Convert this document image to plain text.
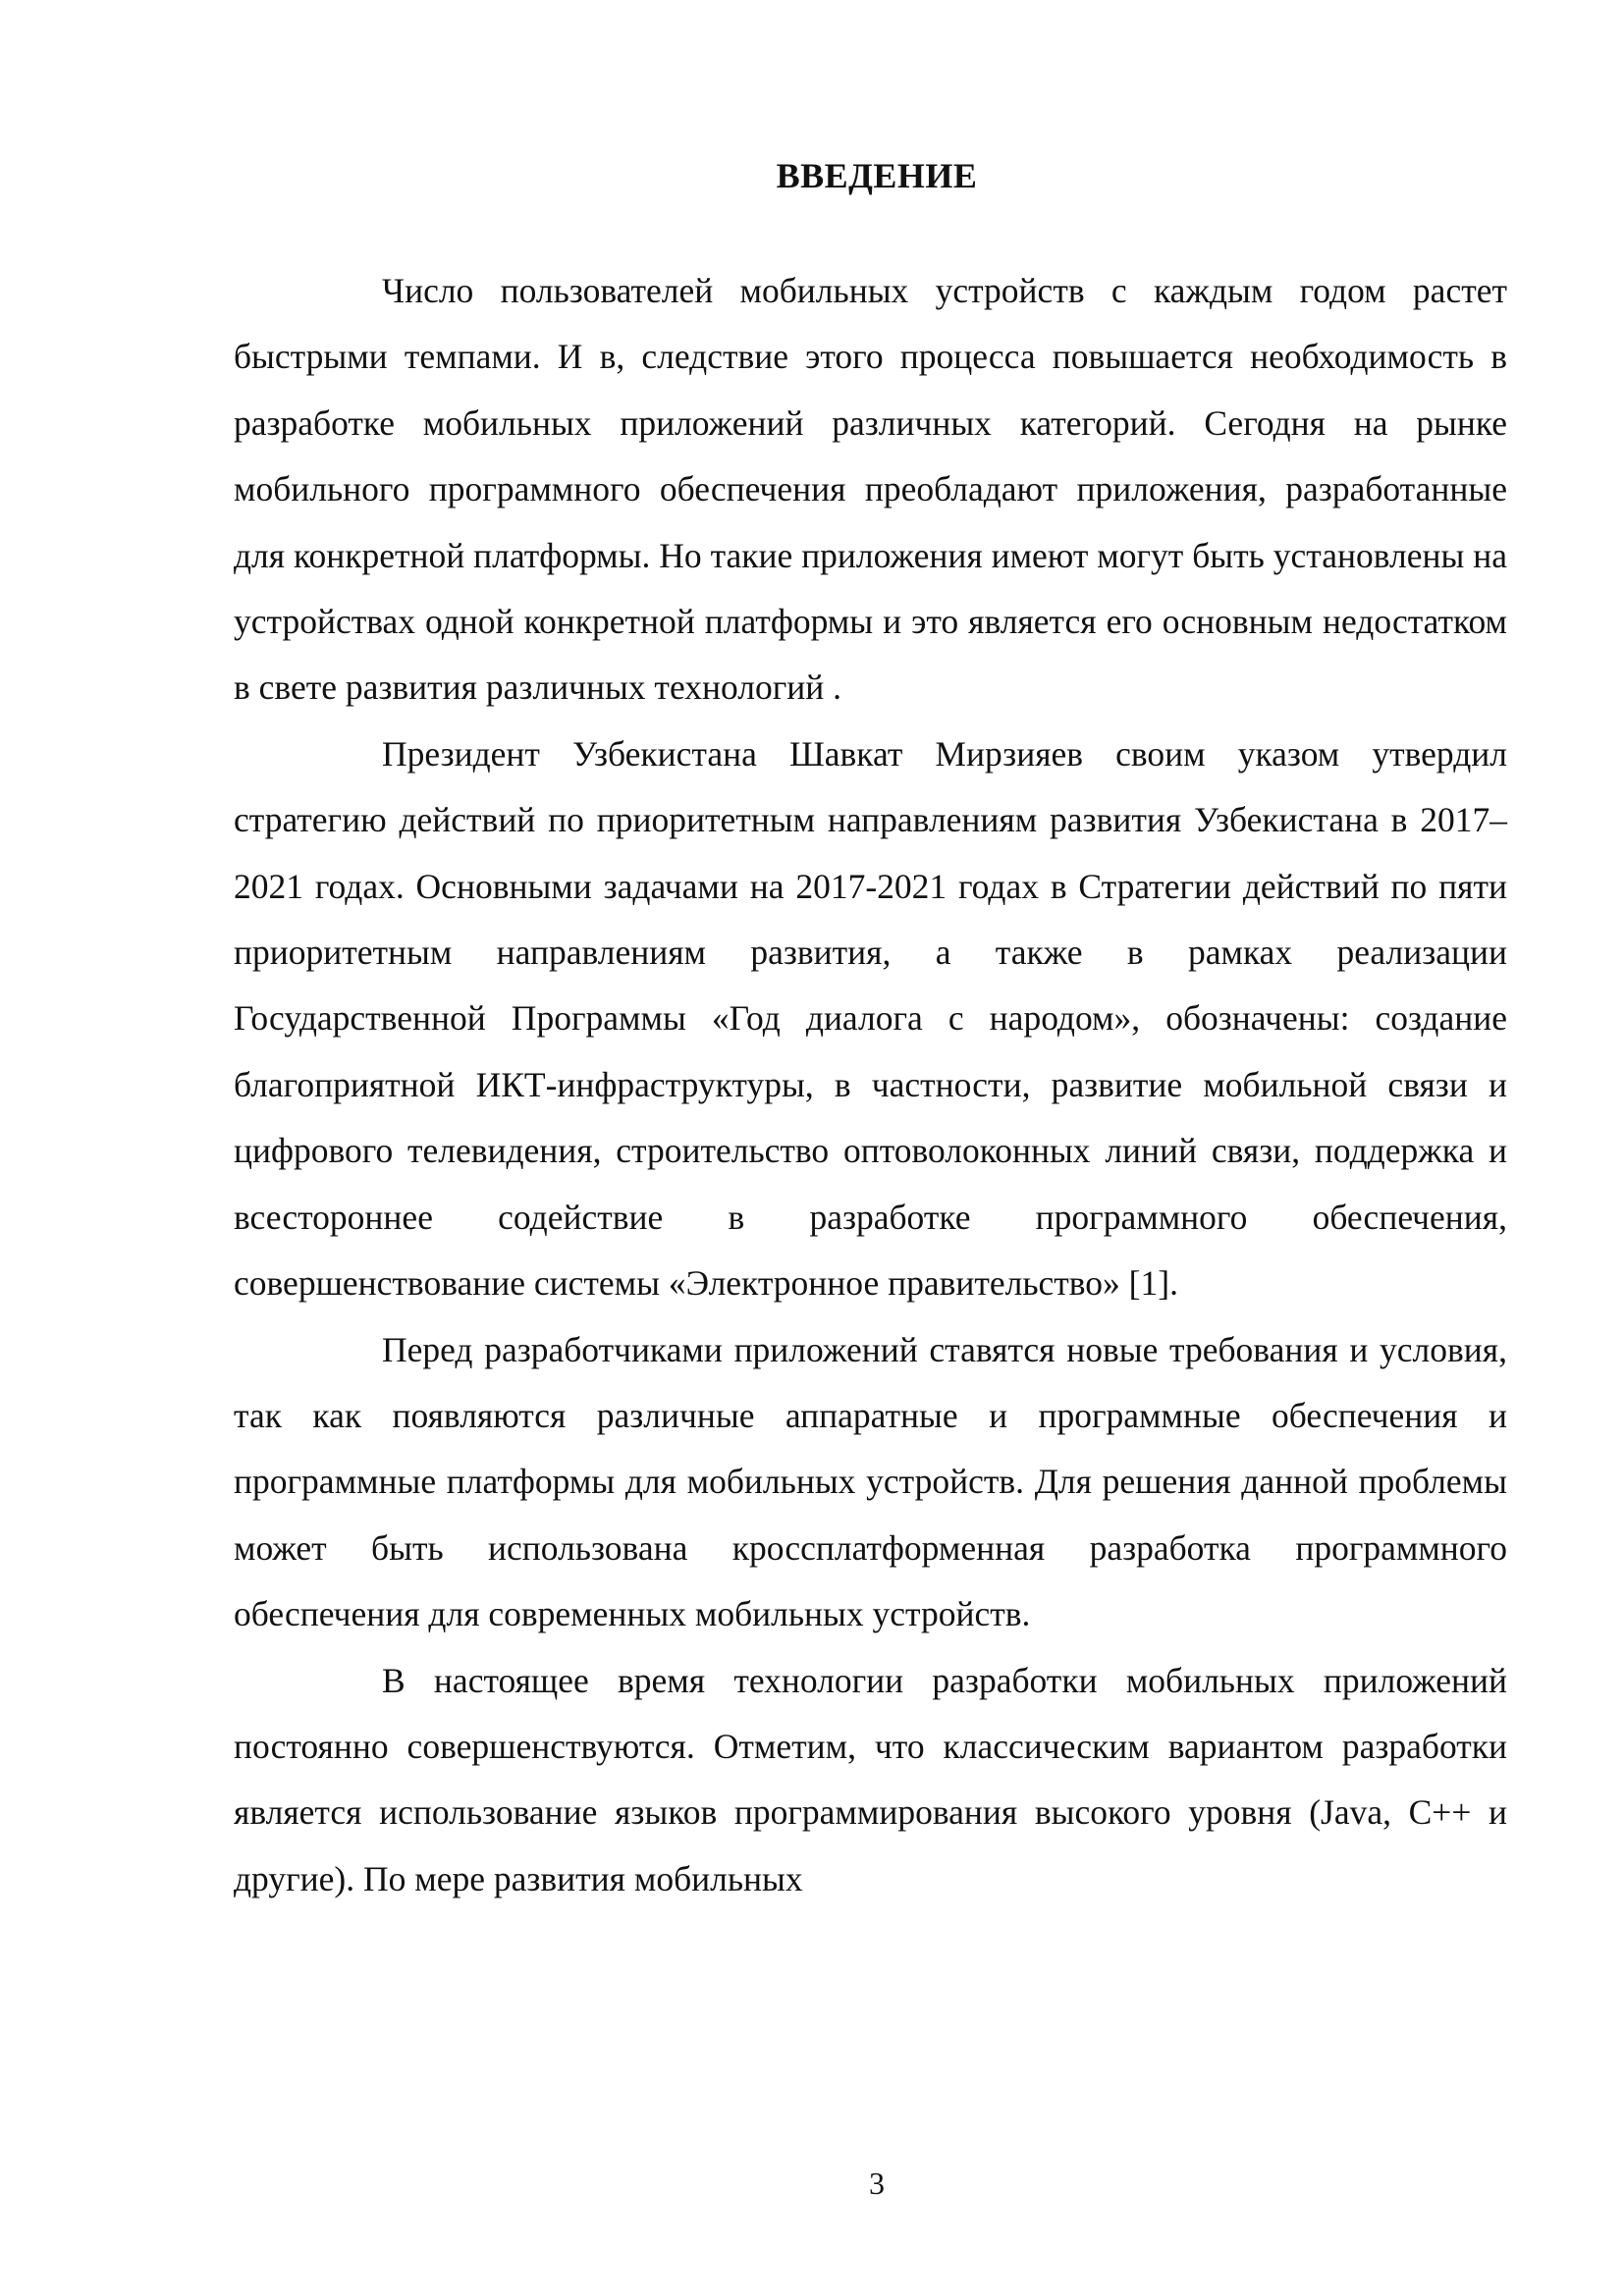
ВВЕДЕНИЕ

Число пользователей мобильных устройств с каждым годом растет быстрыми темпами. И в, следствие этого процесса повышается необходимость в разработке мобильных приложений различных категорий. Сегодня на рынке мобильного программного обеспечения преобладают приложения, разработанные для конкретной платформы. Но такие приложения имеют могут быть установлены на устройствах одной конкретной платформы и это является его основным недостатком в свете развития различных технологий .

Президент Узбекистана Шавкат Мирзияев своим указом утвердил стратегию действий по приоритетным направлениям развития Узбекистана в 2017–2021 годах. Основными задачами на 2017-2021 годах в Стратегии действий по пяти приоритетным направлениям развития, а также в рамках реализации Государственной Программы «Год диалога с народом», обозначены: создание благоприятной ИКТ-инфраструктуры, в частности, развитие мобильной связи и цифрового телевидения, строительство оптоволоконных линий связи, поддержка и всестороннее содействие в разработке программного обеспечения, совершенствование системы «Электронное правительство» [1].

Перед разработчиками приложений ставятся новые требования и условия, так как появляются различные аппаратные и программные обеспечения и программные платформы для мобильных устройств. Для решения данной проблемы может быть использована кроссплатформенная разработка программного обеспечения для современных мобильных устройств.

В настоящее время технологии разработки мобильных приложений постоянно совершенствуются. Отметим, что классическим вариантом разработки является использование языков программирования высокого уровня (Java, C++ и другие). По мере развития мобильных

3
